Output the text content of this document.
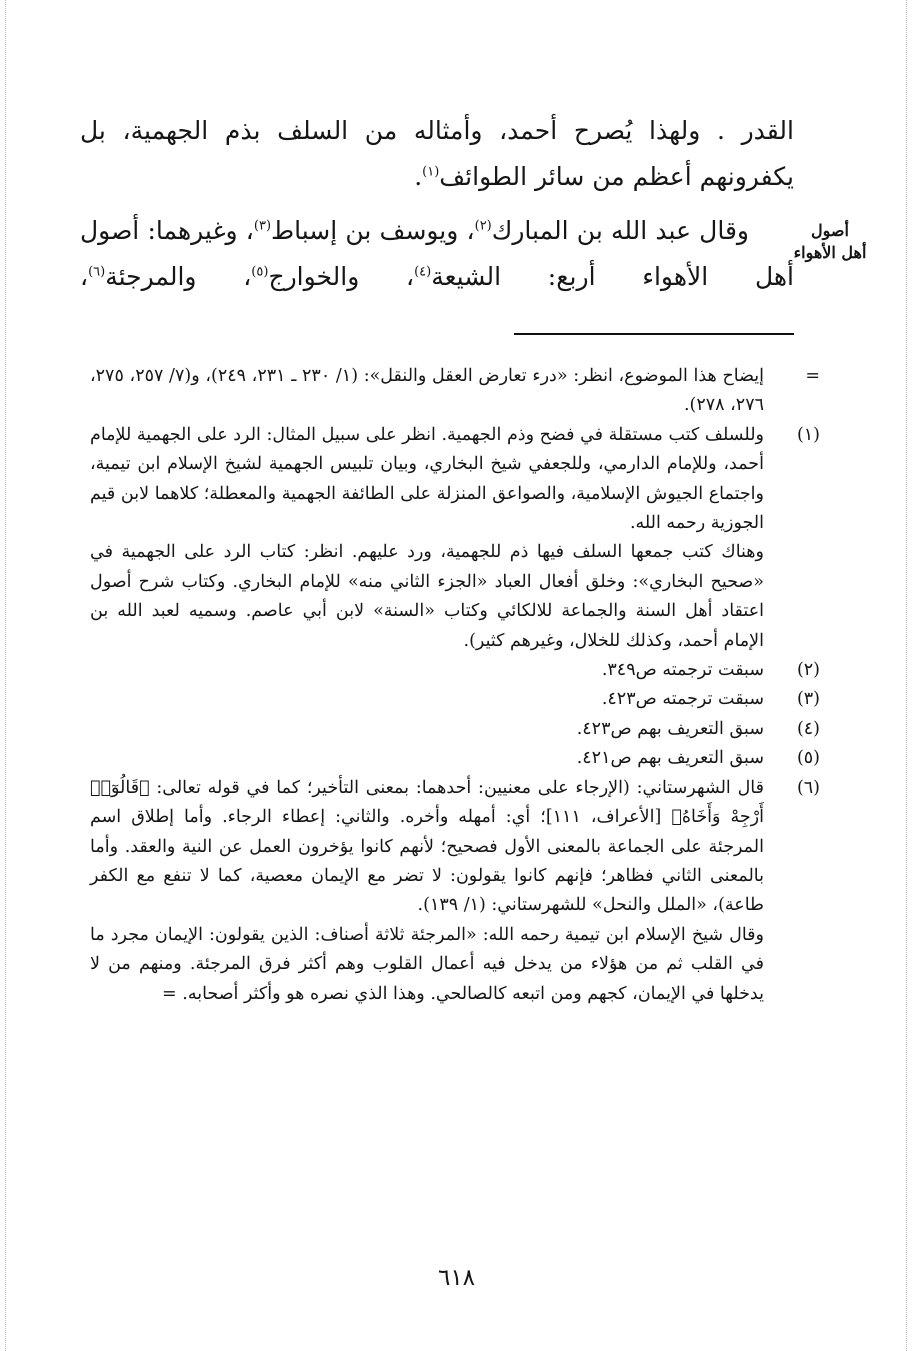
القدر . ولهذا يُصرح أحمد، وأمثاله من السلف بذم الجهمية، بل يكفرونهم أعظم من سائر الطوائف$^{(١)}$.

وقال عبد الله بن المبارك$^{(٢)}$، ويوسف بن إسباط$^{(٣)}$، وغيرهما: أصول أهل الأهواء أربع: الشيعة$^{(٤)}$، والخوارج$^{(٥)}$، والمرجئة$^{(٦)}$،

أصول
أهل الأهواء
=

إيضاح هذا الموضوع، انظر: «درء تعارض العقل والنقل»: (١/ ٢٣٠ ـ ٢٣١، ٢٤٩)، و(٧/ ٢٥٧، ٢٧٥، ٢٧٦، ٢٧٨).

(١)

وللسلف كتب مستقلة في فضح وذم الجهمية. انظر على سبيل المثال: الرد على الجهمية للإمام أحمد، وللإمام الدارمي، وللجعفي شيخ البخاري، وبيان تلبيس الجهمية لشيخ الإسلام ابن تيمية، واجتماع الجيوش الإسلامية، والصواعق المنزلة على الطائفة الجهمية والمعطلة؛ كلاهما لابن قيم الجوزية رحمه الله.

وهناك كتب جمعها السلف فيها ذم للجهمية، ورد عليهم. انظر: كتاب الرد على الجهمية في «صحيح البخاري»: وخلق أفعال العباد «الجزء الثاني منه» للإمام البخاري. وكتاب شرح أصول اعتقاد أهل السنة والجماعة للالكائي وكتاب «السنة» لابن أبي عاصم. وسميه لعبد الله بن الإمام أحمد، وكذلك للخلال، وغيرهم كثير).

(٢)

سبقت ترجمته ص٣٤٩.

(٣)

سبقت ترجمته ص٤٢٣.

(٤)

سبق التعريف بهم ص٤٢٣.

(٥)

سبق التعريف بهم ص٤٢١.

(٦)

قال الشهرستاني: (الإرجاء على معنيين: أحدهما: بمعنى التأخير؛ كما في قوله تعالى: ﴿قَالُوٓا۟ أَرْجِهْ وَأَخَاهُ﴾ [الأعراف، ١١١]؛ أي: أمهله وأخره. والثاني: إعطاء الرجاء. وأما إطلاق اسم المرجئة على الجماعة بالمعنى الأول فصحيح؛ لأنهم كانوا يؤخرون العمل عن النية والعقد. وأما بالمعنى الثاني فظاهر؛ فإنهم كانوا يقولون: لا تضر مع الإيمان معصية، كما لا تنفع مع الكفر طاعة)، «الملل والنحل» للشهرستاني: (١/ ١٣٩).

وقال شيخ الإسلام ابن تيمية رحمه الله: «المرجئة ثلاثة أصناف: الذين يقولون: الإيمان مجرد ما في القلب ثم من هؤلاء من يدخل فيه أعمال القلوب وهم أكثر فرق المرجئة. ومنهم من لا يدخلها في الإيمان، كجهم ومن اتبعه كالصالحي. وهذا الذي نصره هو وأكثر أصحابه. =

٦١٨
